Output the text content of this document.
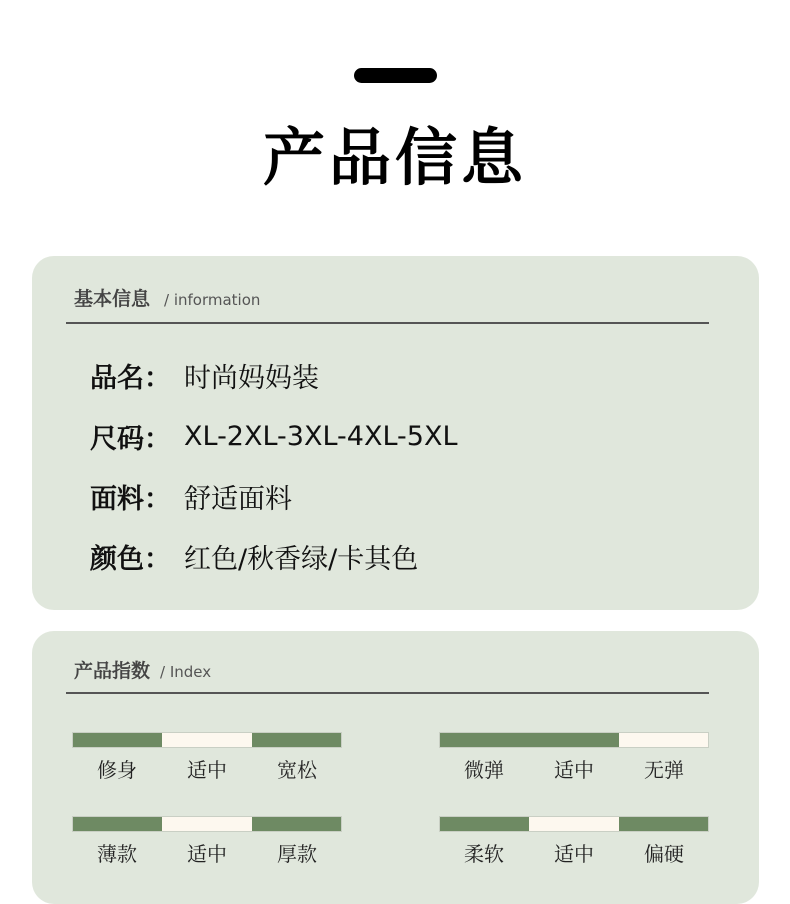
产品信息
基本信息 / information
品名： 时尚妈妈装
尺码： XL-2XL-3XL-4XL-5XL
面料： 舒适面料
颜色： 红色/秋香绿/卡其色
产品指数 / Index
修身	适中	宽松	微弹	适中	无弹
薄款	适中	厚款	柔软	适中	偏硬
